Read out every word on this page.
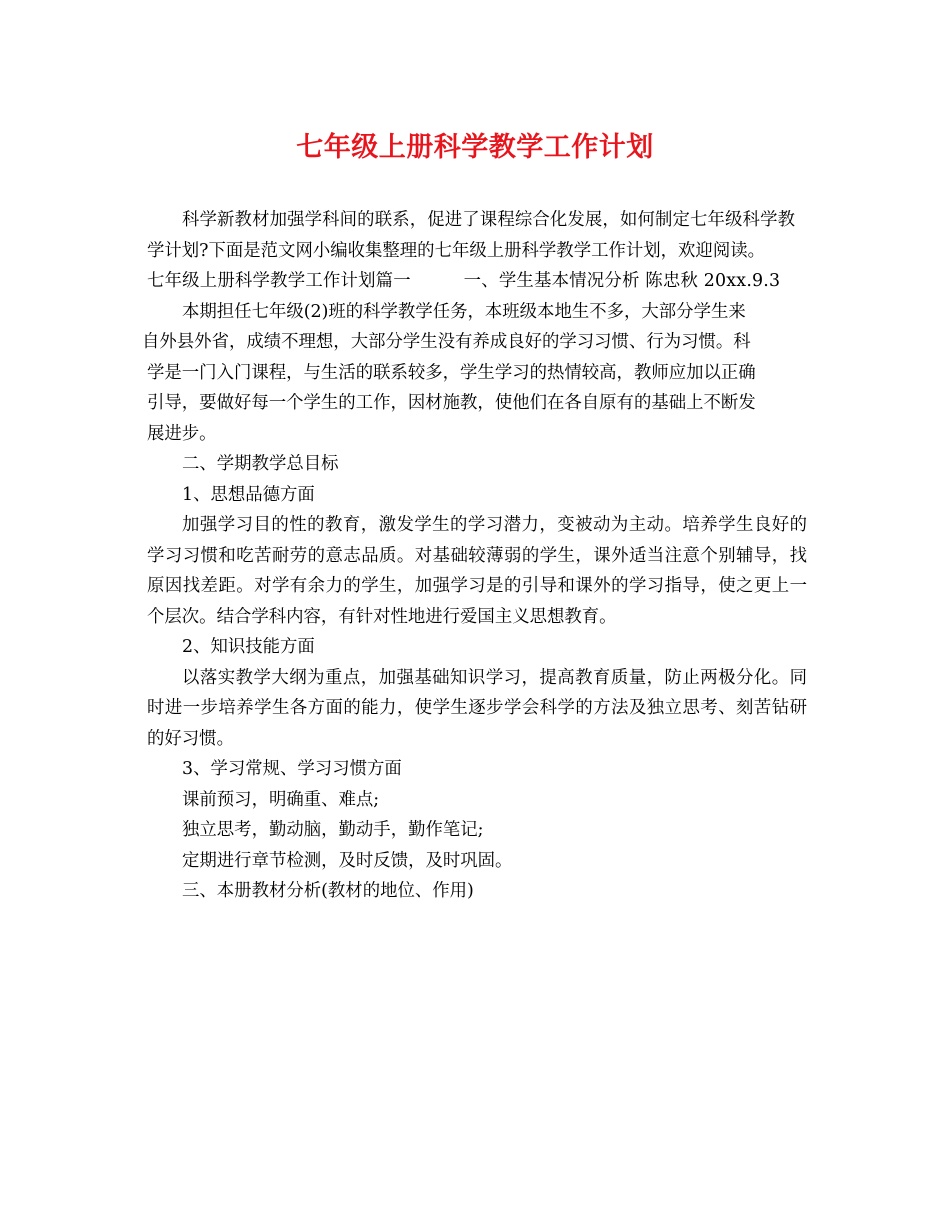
七年级上册科学教学工作计划

科学新教材加强学科间的联系，促进了课程综合化发展，如何制定七年级科学教学计划?下面是范文网小编收集整理的七年级上册科学教学工作计划，欢迎阅读。

七年级上册科学教学工作计划篇一　　　一、学生基本情况分析 陈忠秋 20xx.9.3

本期担任七年级(2)班的科学教学任务，本班级本地生不多，大部分学生来

自外县外省，成绩不理想，大部分学生没有养成良好的学习习惯、行为习惯。科

学是一门入门课程，与生活的联系较多，学生学习的热情较高，教师应加以正确

引导，要做好每一个学生的工作，因材施教，使他们在各自原有的基础上不断发

展进步。

二、学期教学总目标

1、思想品德方面

加强学习目的性的教育，激发学生的学习潜力，变被动为主动。培养学生良好的学习习惯和吃苦耐劳的意志品质。对基础较薄弱的学生，课外适当注意个别辅导，找原因找差距。对学有余力的学生，加强学习是的引导和课外的学习指导，使之更上一个层次。结合学科内容，有针对性地进行爱国主义思想教育。

2、知识技能方面

以落实教学大纲为重点，加强基础知识学习，提高教育质量，防止两极分化。同时进一步培养学生各方面的能力，使学生逐步学会科学的方法及独立思考、刻苦钻研的好习惯。

3、学习常规、学习习惯方面

课前预习，明确重、难点;

独立思考，勤动脑，勤动手，勤作笔记;

定期进行章节检测，及时反馈，及时巩固。

三、本册教材分析(教材的地位、作用)
